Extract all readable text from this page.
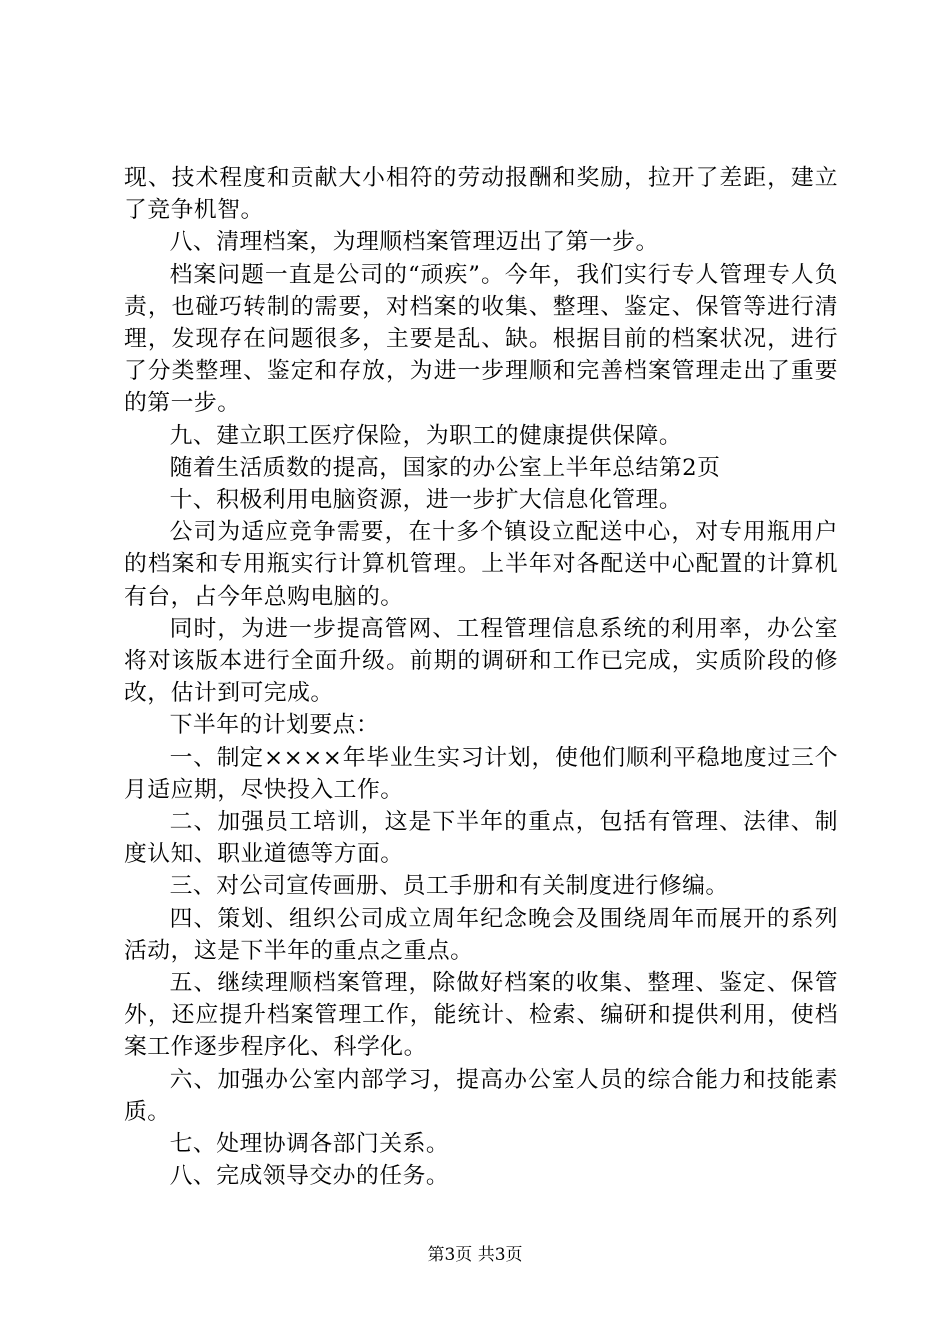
现、技术程度和贡献大小相符的劳动报酬和奖励，拉开了差距，建立了竞争机智。

八、清理档案，为理顺档案管理迈出了第一步。

档案问题一直是公司的“顽疾”。今年，我们实行专人管理专人负责，也碰巧转制的需要，对档案的收集、整理、鉴定、保管等进行清理，发现存在问题很多，主要是乱、缺。根据目前的档案状况，进行了分类整理、鉴定和存放，为进一步理顺和完善档案管理走出了重要的第一步。

九、建立职工医疗保险，为职工的健康提供保障。

随着生活质数的提高，国家的办公室上半年总结第2页

十、积极利用电脑资源，进一步扩大信息化管理。

公司为适应竞争需要，在十多个镇设立配送中心，对专用瓶用户的档案和专用瓶实行计算机管理。上半年对各配送中心配置的计算机有台，占今年总购电脑的。

同时，为进一步提高管网、工程管理信息系统的利用率，办公室将对该版本进行全面升级。前期的调研和工作已完成，实质阶段的修改，估计到可完成。

下半年的计划要点：

一、制定××××年毕业生实习计划，使他们顺利平稳地度过三个月适应期，尽快投入工作。

二、加强员工培训，这是下半年的重点，包括有管理、法律、制度认知、职业道德等方面。

三、对公司宣传画册、员工手册和有关制度进行修编。

四、策划、组织公司成立周年纪念晚会及围绕周年而展开的系列活动，这是下半年的重点之重点。

五、继续理顺档案管理，除做好档案的收集、整理、鉴定、保管外，还应提升档案管理工作，能统计、检索、编研和提供利用，使档案工作逐步程序化、科学化。

六、加强办公室内部学习，提高办公室人员的综合能力和技能素质。

七、处理协调各部门关系。

八、完成领导交办的任务。

第3页 共3页
